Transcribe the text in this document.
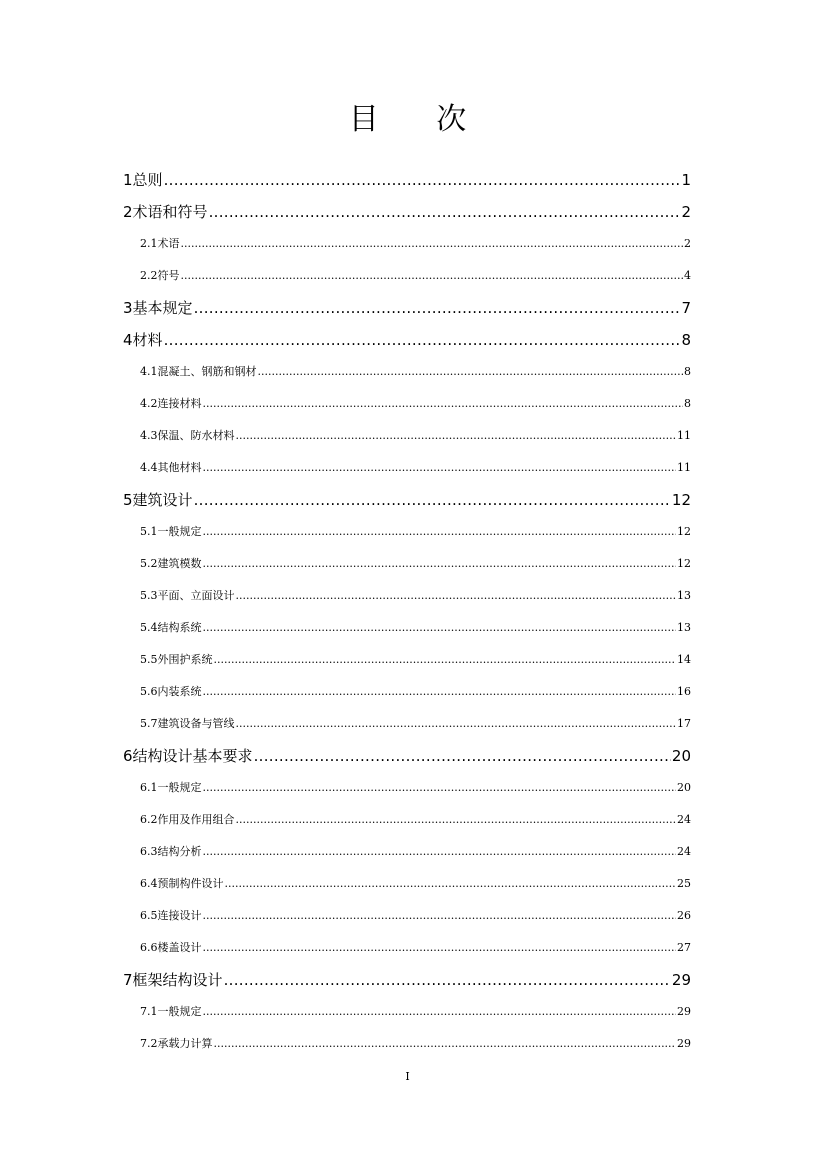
目 次
1 总则 .....	1
2 术语和符号 .....	2
2.1 术语 .....	2
2.2 符号 .....	4
3 基本规定 .....	7
4 材料 .....	8
4.1 混凝土、钢筋和钢材 .....	8
4.2 连接材料 .....	8
4.3 保温、防水材料 .....	11
4.4 其他材料 .....	11
5 建筑设计 .....	12
5.1 一般规定 .....	12
5.2 建筑模数 .....	12
5.3 平面、立面设计 .....	13
5.4 结构系统 .....	13
5.5 外围护系统 .....	14
5.6 内装系统 .....	16
5.7 建筑设备与管线 .....	17
6 结构设计基本要求 .....	20
6.1 一般规定 .....	20
6.2 作用及作用组合 .....	24
6.3 结构分析 .....	24
6.4 预制构件设计 .....	25
6.5 连接设计 .....	26
6.6 楼盖设计 .....	27
7 框架结构设计 .....	29
7.1 一般规定 .....	29
7.2 承载力计算 .....	29
I
